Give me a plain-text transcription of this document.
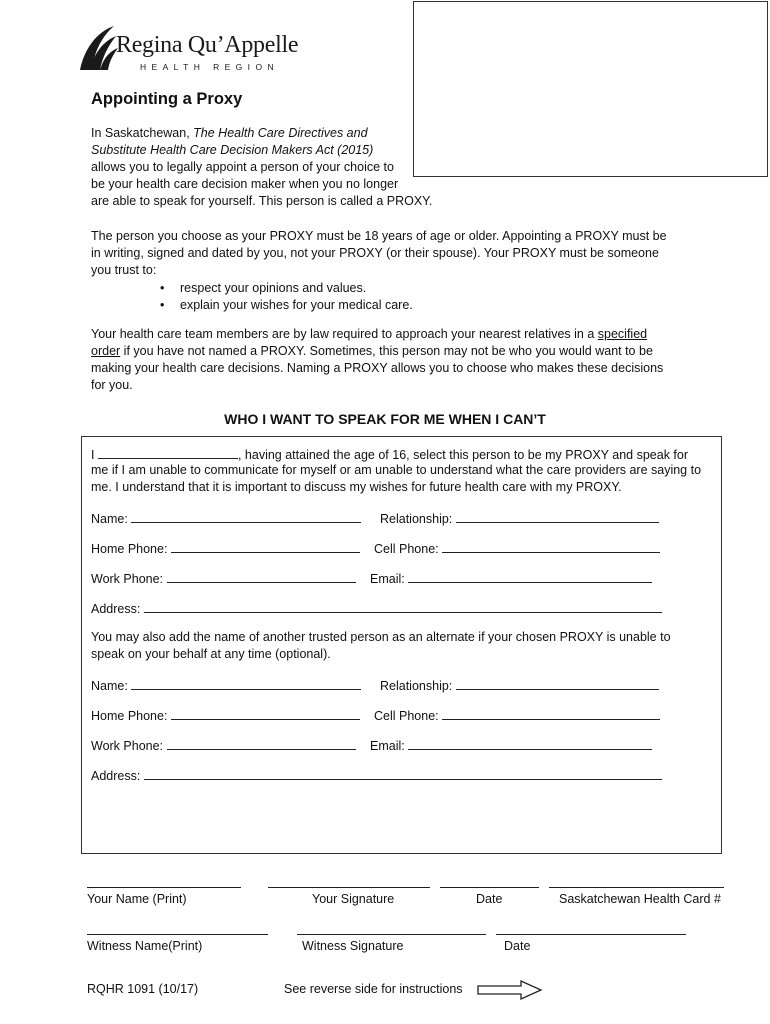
Regina Qu’Appelle
HEALTH REGION
Appointing a Proxy
In Saskatchewan, The Health Care Directives and
Substitute Health Care Decision Makers Act (2015)
allows you to legally appoint a person of your choice to
be your health care decision maker when you no longer
are able to speak for yourself. This person is called a PROXY.
The person you choose as your PROXY must be 18 years of age or older. Appointing a PROXY must be
in writing, signed and dated by you, not your PROXY (or their spouse). Your PROXY must be someone
you trust to:
• respect your opinions and values.
• explain your wishes for your medical care.
Your health care team members are by law required to approach your nearest relatives in a specified
order if you have not named a PROXY. Sometimes, this person may not be who you would want to be
making your health care decisions. Naming a PROXY allows you to choose who makes these decisions
for you.
WHO I WANT TO SPEAK FOR ME WHEN I CAN’T
I	, having attained the age of 16, select this person to be my PROXY and speak for
me if I am unable to communicate for myself or am unable to understand what the care providers are saying to
me. I understand that it is important to discuss my wishes for future health care with my PROXY.
Name:	Relationship:
Home Phone:	Cell Phone:
Work Phone:	Email:
Address:
You may also add the name of another trusted person as an alternate if your chosen PROXY is unable to
speak on your behalf at any time (optional).
Name:	Relationship:
Home Phone:	Cell Phone:
Work Phone:	Email:
Address:
Your Name (Print)	Your Signature	Date	Saskatchewan Health Card #
Witness Name(Print)	Witness Signature	Date
RQHR 1091 (10/17)	See reverse side for instructions
